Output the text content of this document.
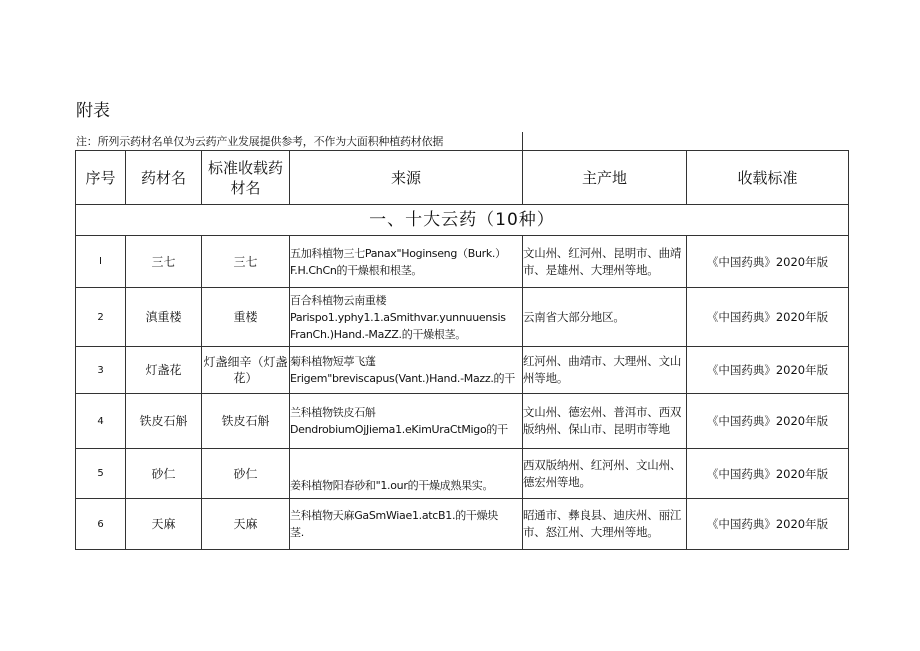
附表
注：所列示药材名单仅为云药产业发展提供参考，不作为大面积种植药材依据
序号	药材名	标准收载药材名	来源	主产地	收载标准
一、十大云药（10种）					
I	三七	三七	五加科植物三七Panax"Hoginseng（Burk.）
F.H.ChCn的干燥根和根茎。	文山州、红河州、昆明市、曲靖市、是雄州、大理州等地。	《中国药典》2020年版
2	滇重楼	重楼	百合科植物云南重楼
Parispo1.yphy1.1.aSmithvar.yunnuuensis
FranCh.)Hand.-MaZZ.的干燥根茎。	云南省大部分地区。	《中国药典》2020年版
3	灯盏花	灯盏细辛（灯盏花）	菊科植物短葶飞蓬
Erigem"breviscapus(Vant.)Hand.-Mazz.的干	红河州、曲靖市、大理州、文山州等地。	《中国药典》2020年版
4	铁皮石斛	铁皮石斛	兰科植物铁皮石斛
DendrobiumOjJiema1.eKimUraCtMigo的干	文山州、德宏州、普洱市、西双版纳州、保山市、昆明市等地	《中国药典》2020年版
5	砂仁	砂仁	姜科植物阳春砂和"1.our的干燥成熟果实。	西双版纳州、红河州、文山州、德宏州等地。	《中国药典》2020年版
6	天麻	天麻	兰科植物天麻GaSmWiae1.atcB1.的干燥块
茎.	昭通市、彝良县、迪庆州、丽江市、怒江州、大理州等地。	《中国药典》2020年版
